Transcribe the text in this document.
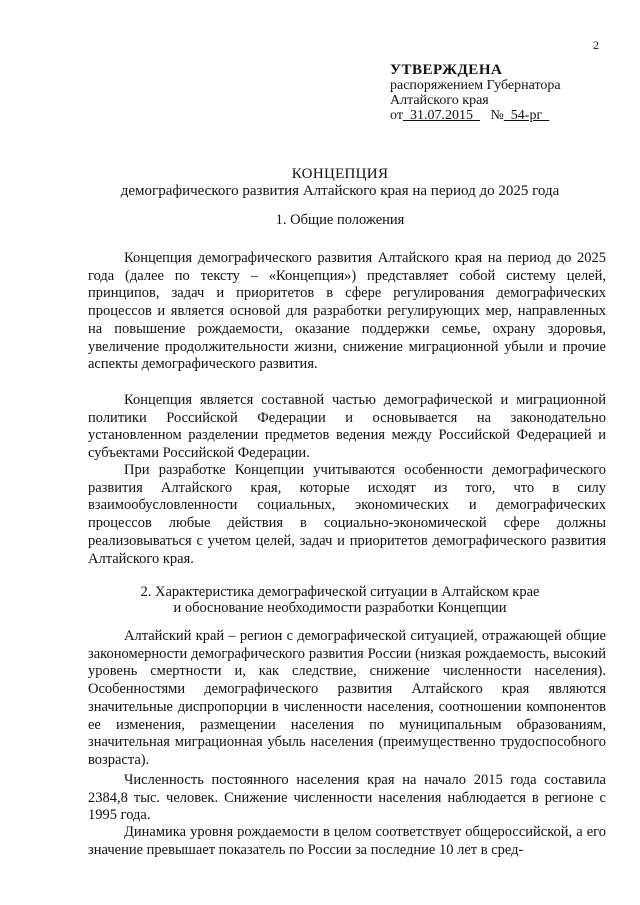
2
УТВЕРЖДЕНА
распоряжением Губернатора
Алтайского края
от 31.07.2015 № 54-рг
КОНЦЕПЦИЯ
демографического развития Алтайского края на период до 2025 года
1. Общие положения
Концепция демографического развития Алтайского края на период до 2025 года (далее по тексту – «Концепция») представляет собой систему целей, принципов, задач и приоритетов в сфере регулирования демографических процессов и является основой для разработки регулирующих мер, направленных на повышение рождаемости, оказание поддержки семье, охрану здоровья, увеличение продолжительности жизни, снижение миграционной убыли и прочие аспекты демографического развития.
Концепция является составной частью демографической и миграционной политики Российской Федерации и основывается на законодательно установленном разделении предметов ведения между Российской Федерацией и субъектами Российской Федерации.
При разработке Концепции учитываются особенности демографического развития Алтайского края, которые исходят из того, что в силу взаимообусловленности социальных, экономических и демографических процессов любые действия в социально-экономической сфере должны реализовываться с учетом целей, задач и приоритетов демографического развития Алтайского края.
2. Характеристика демографической ситуации в Алтайском крае
и обоснование необходимости разработки Концепции
Алтайский край – регион с демографической ситуацией, отражающей общие закономерности демографического развития России (низкая рождаемость, высокий уровень смертности и, как следствие, снижение численности населения). Особенностями демографического развития Алтайского края являются значительные диспропорции в численности населения, соотношении компонентов ее изменения, размещении населения по муниципальным образованиям, значительная миграционная убыль населения (преимущественно трудоспособного возраста).
Численность постоянного населения края на начало 2015 года составила 2384,8 тыс. человек. Снижение численности населения наблюдается в регионе с 1995 года.
Динамика уровня рождаемости в целом соответствует общероссийской, а его значение превышает показатель по России за последние 10 лет в сред-
